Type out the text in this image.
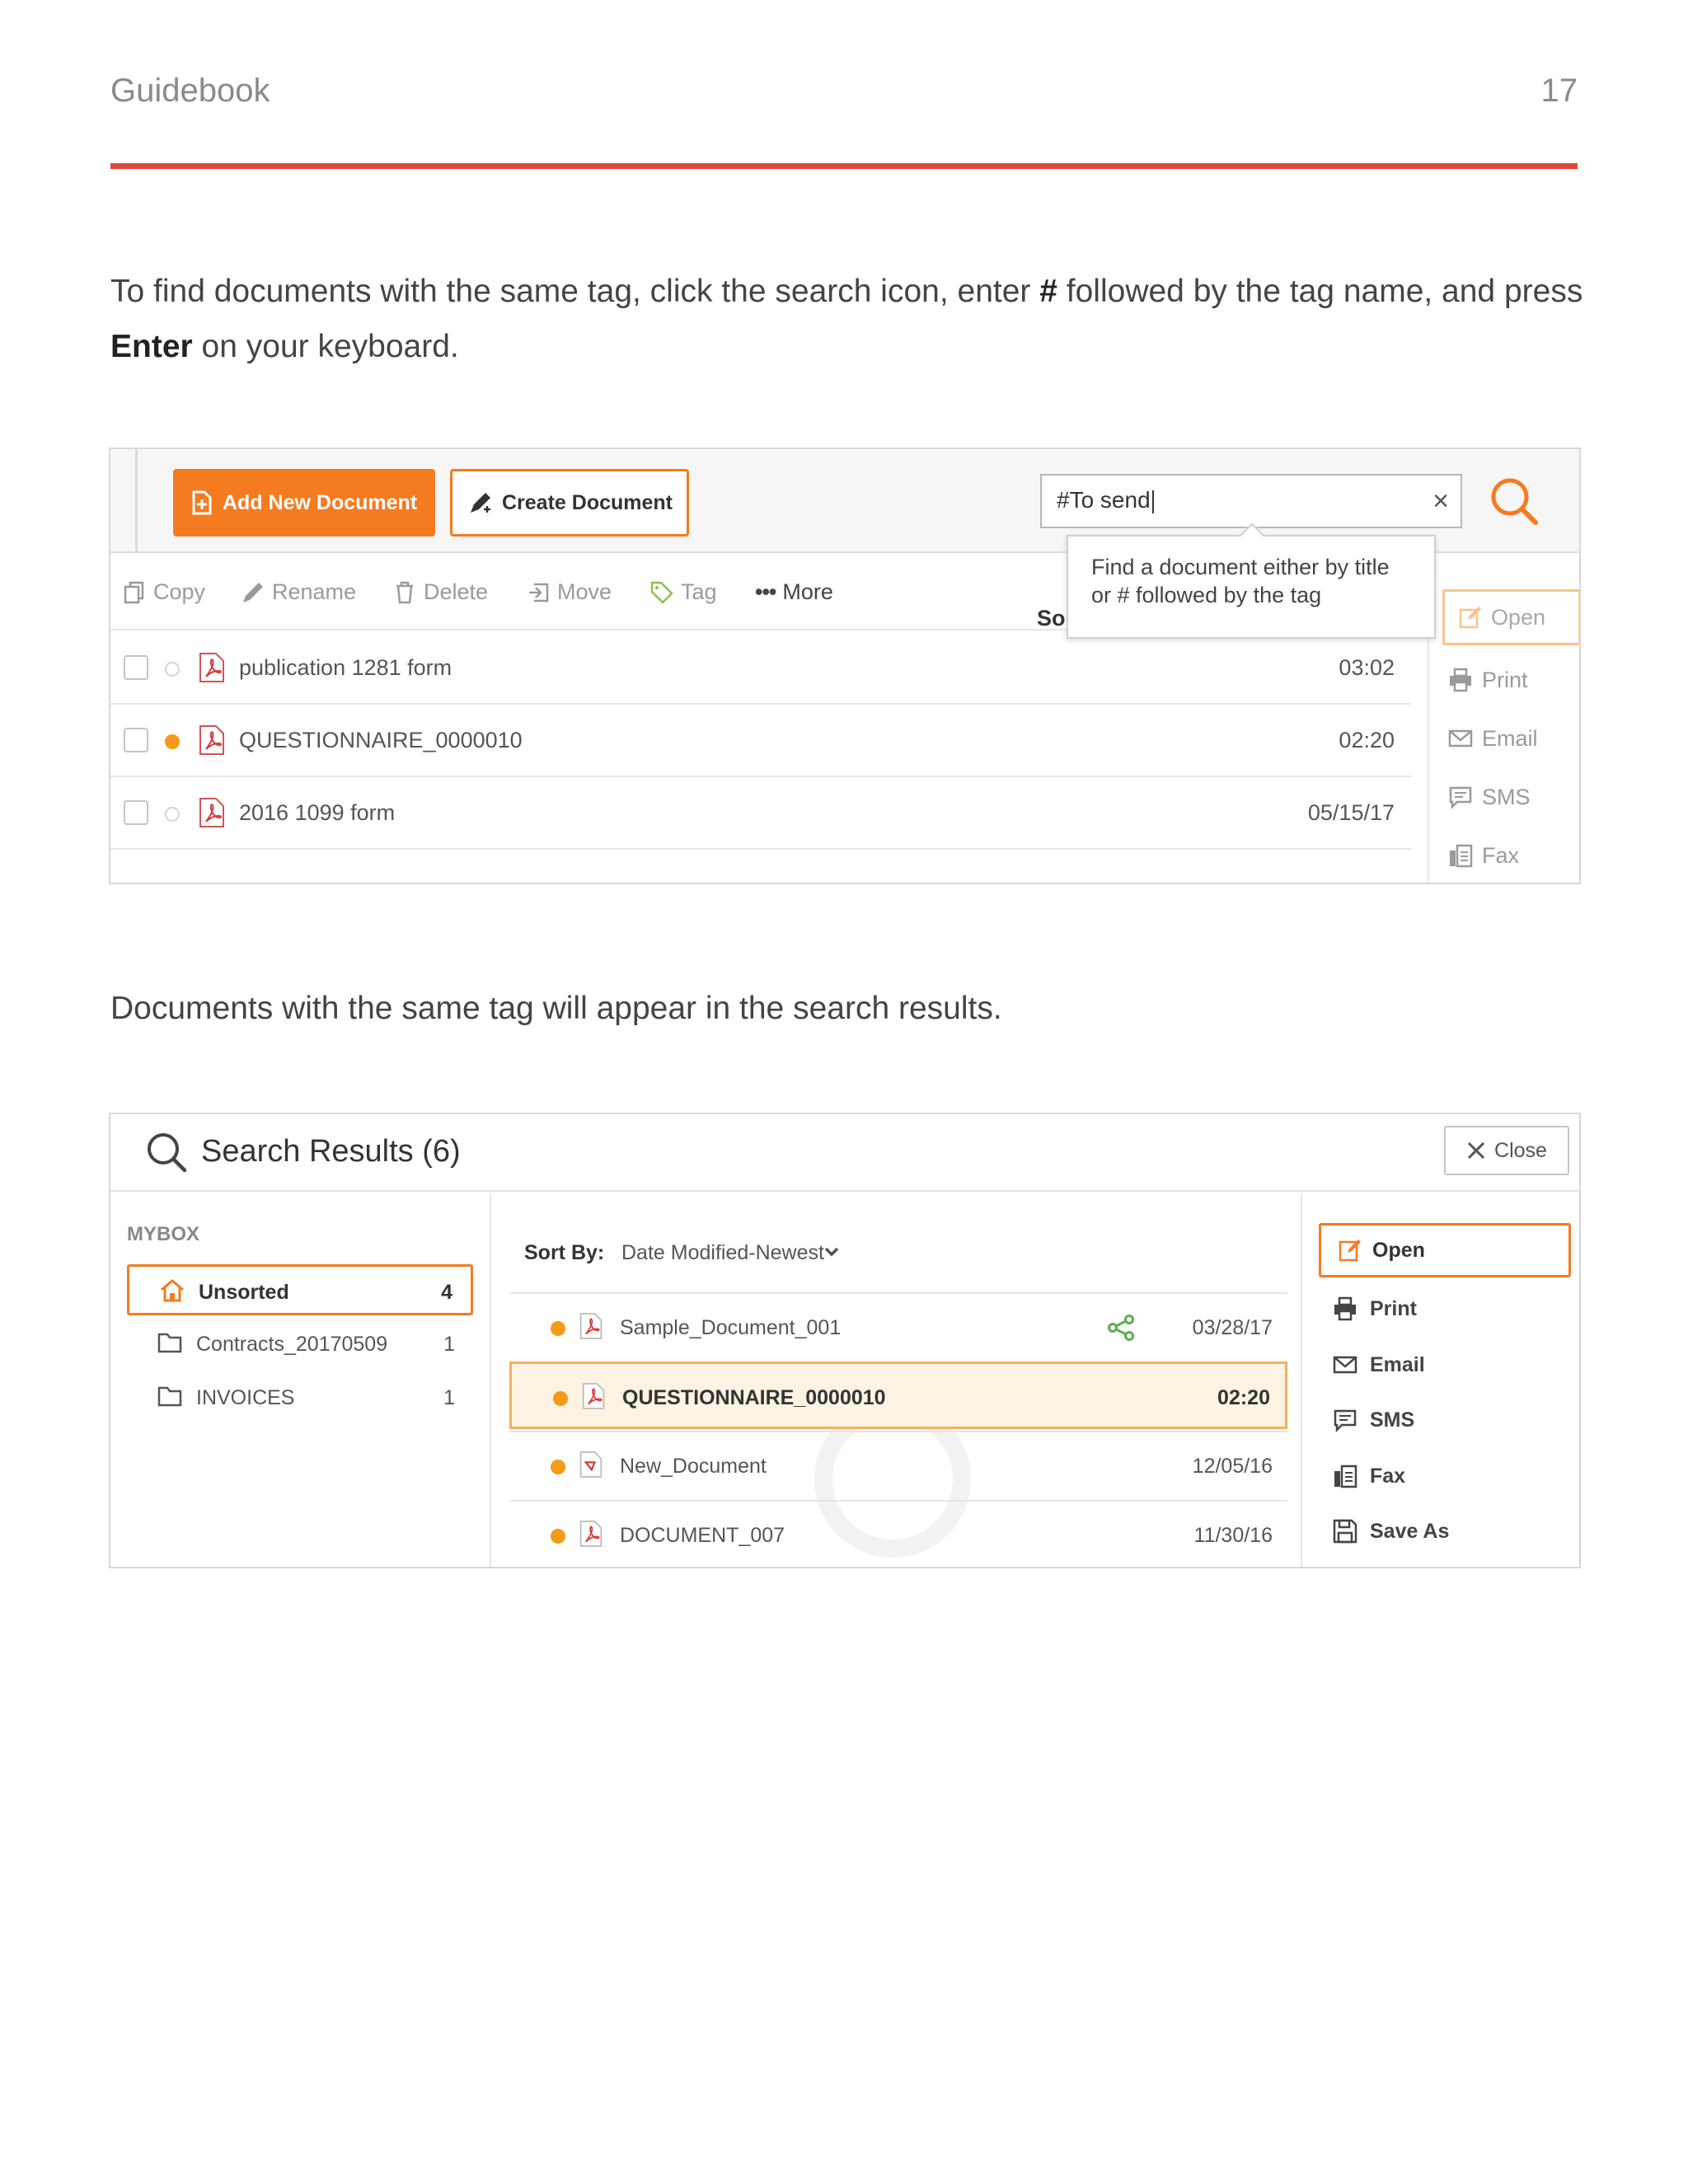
Guidebook	17

To find documents with the same tag, click the search icon, enter # followed by the tag name, and press Enter on your keyboard.

Add New Document	Create Document	#To send	×
Find a document either by title or # followed by the tag
Copy	Rename	Delete	Move	Tag ••• More
So
publication 1281 form	03:02
QUESTIONNAIRE_0000010	02:20
2016 1099 form	05/15/17
Open
Print
Email
SMS
Fax

Documents with the same tag will appear in the search results.

Search Results (6)	Close
MYBOX
Unsorted	4
Contracts_20170509	1
INVOICES	1
Sort By: Date Modified-Newest
Sample_Document_001	03/28/17
QUESTIONNAIRE_0000010	02:20
New_Document	12/05/16
DOCUMENT_007	11/30/16
Open
Print
Email
SMS
Fax
Save As
